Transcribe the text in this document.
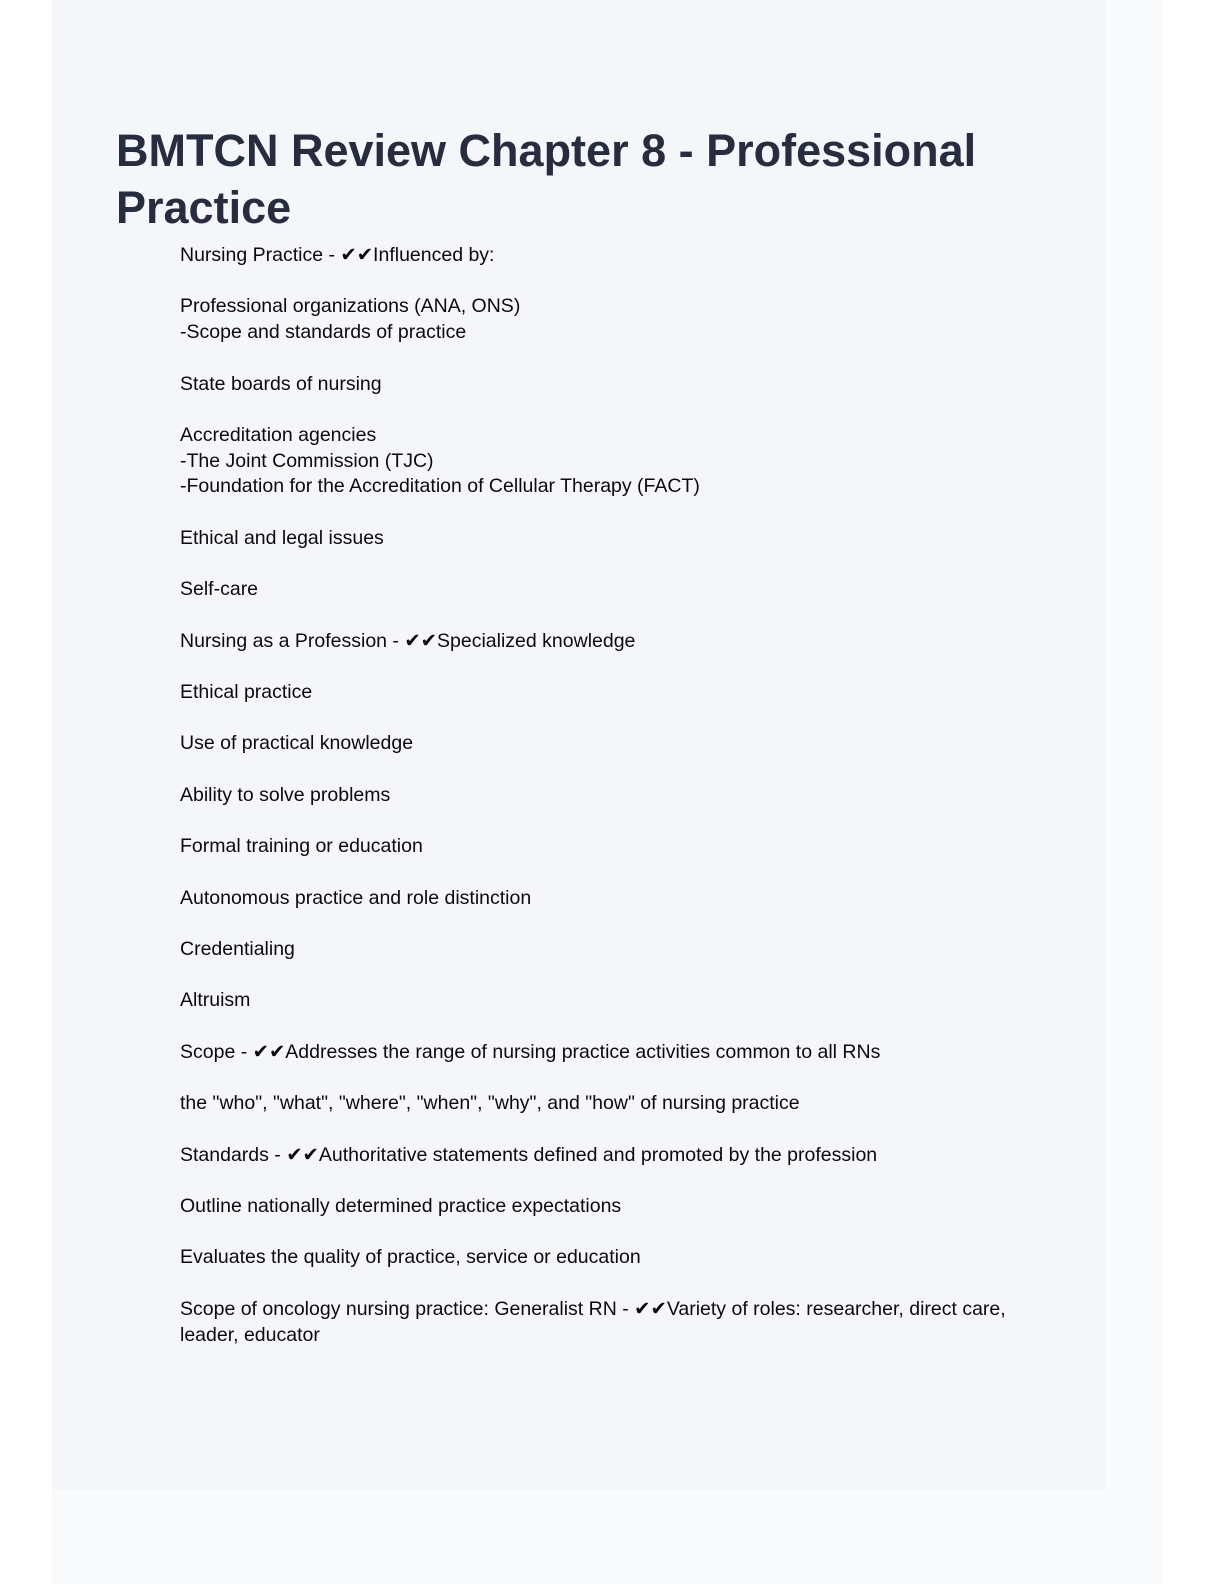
BMTCN Review Chapter 8 - Professional Practice
Nursing Practice - ✔✔Influenced by:
Professional organizations (ANA, ONS)
-Scope and standards of practice
State boards of nursing
Accreditation agencies
-The Joint Commission (TJC)
-Foundation for the Accreditation of Cellular Therapy (FACT)
Ethical and legal issues
Self-care
Nursing as a Profession - ✔✔Specialized knowledge
Ethical practice
Use of practical knowledge
Ability to solve problems
Formal training or education
Autonomous practice and role distinction
Credentialing
Altruism
Scope - ✔✔Addresses the range of nursing practice activities common to all RNs
the "who", "what", "where", "when", "why", and "how" of nursing practice
Standards - ✔✔Authoritative statements defined and promoted by the profession
Outline nationally determined practice expectations
Evaluates the quality of practice, service or education
Scope of oncology nursing practice: Generalist RN - ✔✔Variety of roles: researcher, direct care,
leader, educator
